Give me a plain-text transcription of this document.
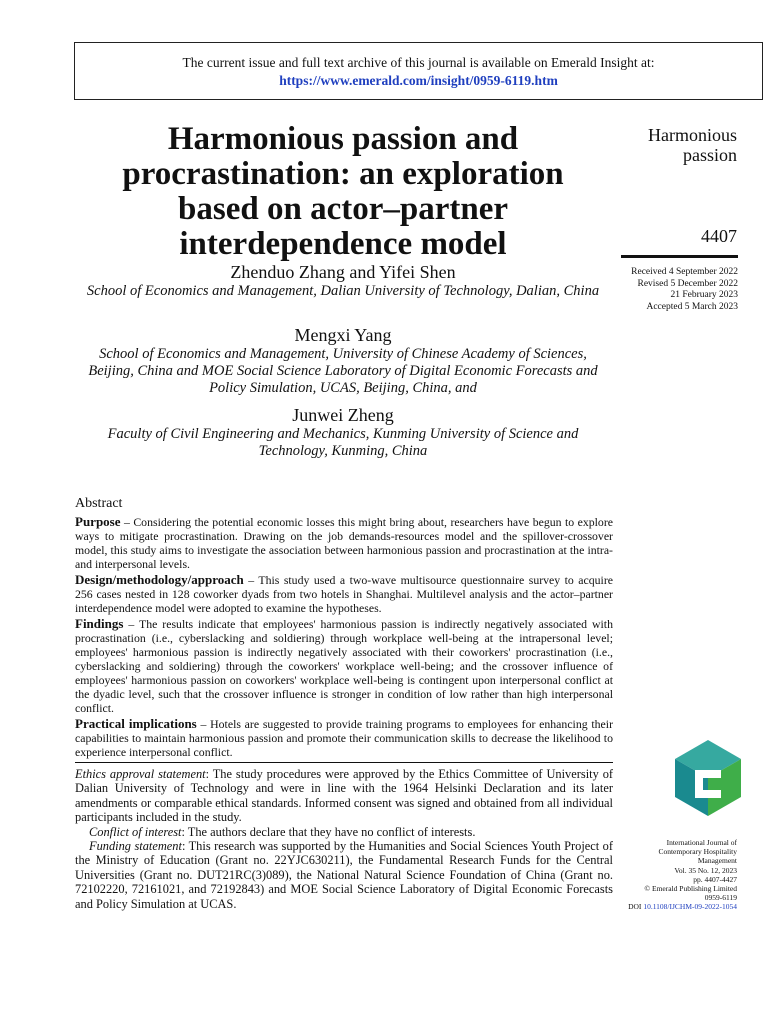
The current issue and full text archive of this journal is available on Emerald Insight at:
https://www.emerald.com/insight/0959-6119.htm
Harmonious passion and procrastination: an exploration based on actor–partner interdependence model
Harmonious
passion
4407
Received 4 September 2022
Revised 5 December 2022
21 February 2023
Accepted 5 March 2023
Zhenduo Zhang and Yifei Shen
School of Economics and Management, Dalian University of Technology, Dalian, China
Mengxi Yang
School of Economics and Management, University of Chinese Academy of Sciences, Beijing, China and MOE Social Science Laboratory of Digital Economic Forecasts and Policy Simulation, UCAS, Beijing, China, and
Junwei Zheng
Faculty of Civil Engineering and Mechanics, Kunming University of Science and Technology, Kunming, China
Abstract

Purpose – Considering the potential economic losses this might bring about, researchers have begun to explore ways to mitigate procrastination. Drawing on the job demands-resources model and the spillover-crossover model, this study aims to investigate the association between harmonious passion and procrastination at the intra- and interpersonal levels.

Design/methodology/approach – This study used a two-wave multisource questionnaire survey to acquire 256 cases nested in 128 coworker dyads from two hotels in Shanghai. Multilevel analysis and the actor–partner interdependence model were adopted to examine the hypotheses.

Findings – The results indicate that employees' harmonious passion is indirectly negatively associated with procrastination (i.e., cyberslacking and soldiering) through workplace well-being at the intrapersonal level; employees' harmonious passion is indirectly negatively associated with their coworkers' procrastination (i.e., cyberslacking and soldiering) through the coworkers' workplace well-being; and the crossover influence of employees' harmonious passion on coworkers' workplace well-being is contingent upon interpersonal conflict at the dyadic level, such that the crossover influence is stronger in condition of low rather than high interpersonal conflict.

Practical implications – Hotels are suggested to provide training programs to employees for enhancing their capabilities to maintain harmonious passion and promote their communication skills to decrease the likelihood to experience interpersonal conflict.

Ethics approval statement: The study procedures were approved by the Ethics Committee of University of Dalian University of Technology and were in line with the 1964 Helsinki Declaration and its later amendments or comparable ethical standards. Informed consent was signed and obtained from all individual participants included in the study.

Conflict of interest: The authors declare that they have no conflict of interests.

Funding statement: This research was supported by the Humanities and Social Sciences Youth Project of the Ministry of Education (Grant no. 22YJC630211), the Fundamental Research Funds for the Central Universities (Grant no. DUT21RC(3)089), the National Natural Science Foundation of China (Grant no. 72102220, 72161021, and 72192843) and MOE Social Science Laboratory of Digital Economic Forecasts and Policy Simulation at UCAS.

International Journal of
Contemporary Hospitality
Management
Vol. 35 No. 12, 2023
pp. 4407-4427
© Emerald Publishing Limited
0959-6119
DOI 10.1108/IJCHM-09-2022-1054
